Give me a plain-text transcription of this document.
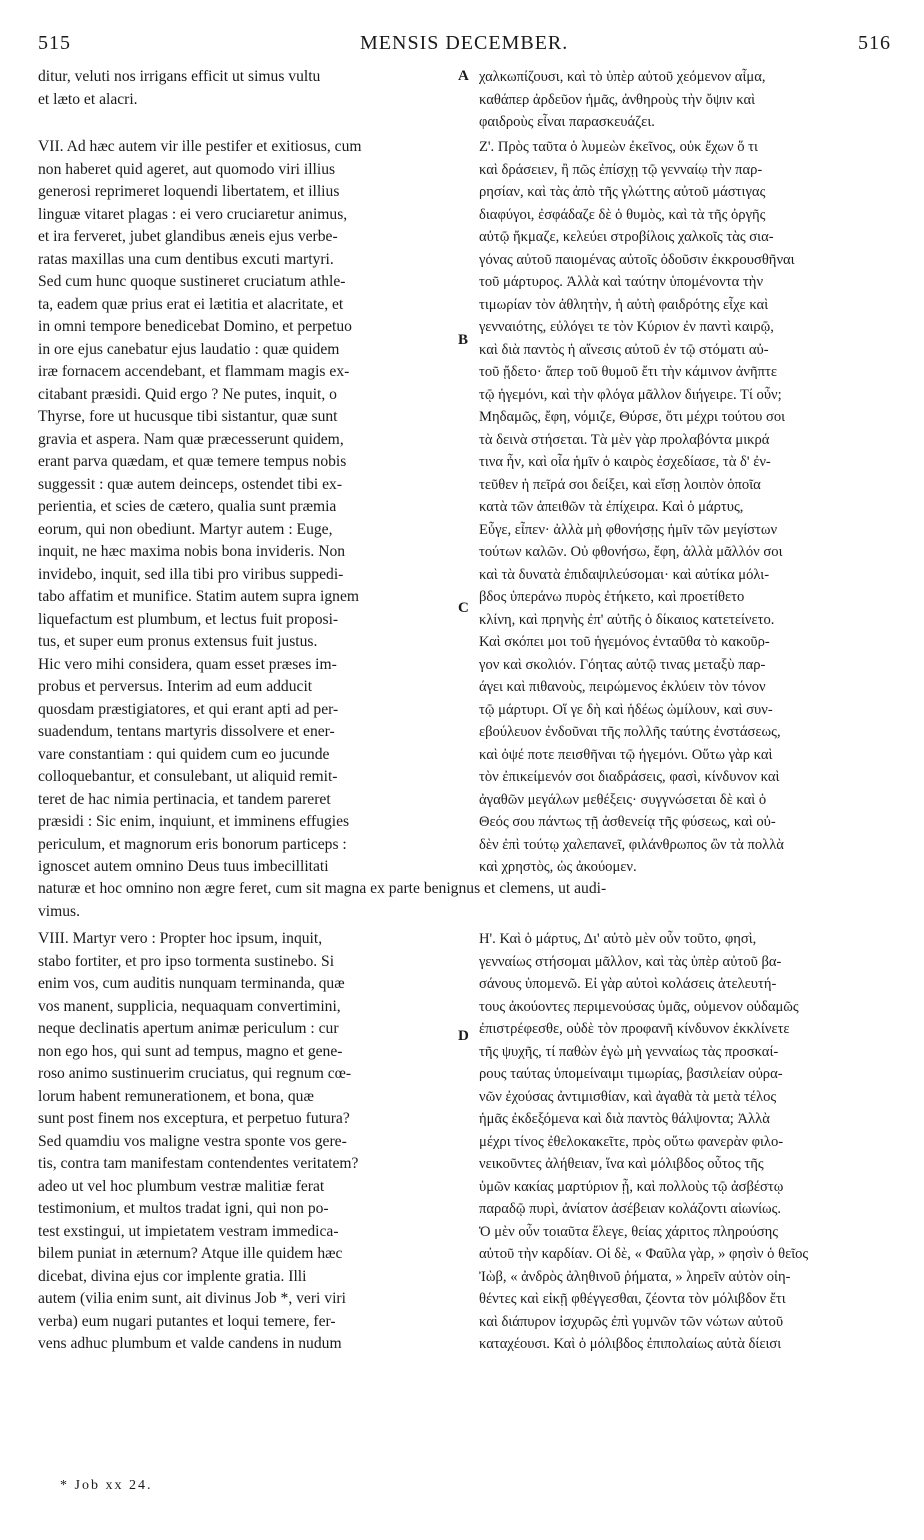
515	MENSIS DECEMBER.	516
ditur, veluti nos irrigans efficit ut simus vultu
et læto et alacri.
VII. Ad hæc autem vir ille pestifer et exitiosus, cum
non haberet quid ageret, aut quomodo viri illius
generosi reprimeret loquendi libertatem, et illius
linguæ vitaret plagas : ei vero cruciaretur animus,
et ira ferveret, jubet glandibus æneis ejus verbe-
ratas maxillas una cum dentibus excuti martyri.
Sed cum hunc quoque sustineret cruciatum athle-
ta, eadem quæ prius erat ei lætitia et alacritate, et
in omni tempore benedicebat Domino, et perpetuo
in ore ejus canebatur ejus laudatio : quæ quidem
iræ fornacem accendebant, et flammam magis ex-
citabant præsidi. Quid ergo ? Ne putes, inquit, o
Thyrse, fore ut hucusque tibi sistantur, quæ sunt
gravia et aspera. Nam quæ præcesserunt quidem,
erant parva quædam, et quæ temere tempus nobis
suggessit : quæ autem deinceps, ostendet tibi ex-
perientia, et scies de cætero, qualia sunt præmia
eorum, qui non obediunt. Martyr autem : Euge,
inquit, ne hæc maxima nobis bona invideris. Non
invidebo, inquit, sed illa tibi pro viribus suppedi-
tabo affatim et munifice. Statim autem supra ignem
liquefactum est plumbum, et lectus fuit proposi-
tus, et super eum pronus extensus fuit justus.
Hic vero mihi considera, quam esset præses im-
probus et perversus. Interim ad eum adducit
quosdam præstigiatores, et qui erant apti ad per-
suadendum, tentans martyris dissolvere et ener-
vare constantiam : qui quidem cum eo jucunde
colloquebantur, et consulebant, ut aliquid remit-
teret de hac nimia pertinacia, et tandem pareret
præsidi : Sic enim, inquiunt, et imminens effugies
periculum, et magnorum eris bonorum particeps :
ignoscet autem omnino Deus tuus imbecillitati
naturæ et hoc omnino non ægre feret, cum sit magna ex parte benignus et clemens, ut audi-
vimus.
VIII. Martyr vero : Propter hoc ipsum, inquit,
stabo fortiter, et pro ipso tormenta sustinebo. Si
enim vos, cum auditis nunquam terminanda, quæ
vos manent, supplicia, nequaquam convertimini,
neque declinatis apertum animæ periculum : cur
non ego hos, qui sunt ad tempus, magno et gene-
roso animo sustinuerim cruciatus, qui regnum cœ-
lorum habent remunerationem, et bona, quæ
sunt post finem nos exceptura, et perpetuo futura?
Sed quamdiu vos maligne vestra sponte vos gere-
tis, contra tam manifestam contendentes veritatem?
adeo ut vel hoc plumbum vestræ malitiæ ferat
testimonium, et multos tradat igni, qui non po-
test exstingui, ut impietatem vestram immedica-
bilem puniat in æternum? Atque ille quidem hæc
dicebat, divina ejus cor implente gratia. Illi
autem (vilia enim sunt, ait divinus Job *, veri viri
verba) eum nugari putantes et loqui temere, fer-
vens adhuc plumbum et valde candens in nudum
A
B
C
D
χαλκωπίζουσι, καὶ τὸ ὑπὲρ αὐτοῦ χεόμενον αἷμα,
καθάπερ ἀρδεῦον ἡμᾶς, ἀνθηροὺς τὴν ὄψιν καὶ
φαιδροὺς εἶναι παρασκευάζει.
Ζ'. Πρὸς ταῦτα ὁ λυμεὼν ἐκεῖνος, οὐκ ἔχων ὅ τι
καὶ δράσειεν, ἢ πῶς ἐπίσχῃ τῷ γενναίῳ τὴν παρ-
ρησίαν, καὶ τὰς ἀπὸ τῆς γλώττης αὐτοῦ μάστιγας
διαφύγοι, ἐσφάδαζε δὲ ὁ θυμὸς, καὶ τὰ τῆς ὀργῆς
αὐτῷ ἤκμαζε, κελεύει στροβίλοις χαλκοῖς τὰς σια-
γόνας αὐτοῦ παιομένας αὐτοῖς ὀδοῦσιν ἐκκρουσθῆναι
τοῦ μάρτυρος. Ἀλλὰ καὶ ταύτην ὑπομένοντα τὴν
τιμωρίαν τὸν ἀθλητὴν, ἡ αὐτὴ φαιδρότης εἶχε καὶ
γενναιότης, εὐλόγει τε τὸν Κύριον ἐν παντὶ καιρῷ,
καὶ διὰ παντὸς ἡ αἴνεσις αὐτοῦ ἐν τῷ στόματι αὐ-
τοῦ ᾔδετο· ἅπερ τοῦ θυμοῦ ἔτι τὴν κάμινον ἀνῆπτε
τῷ ἡγεμόνι, καὶ τὴν φλόγα μᾶλλον διήγειρε. Τί οὖν;
Μηδαμῶς, ἔφη, νόμιζε, Θύρσε, ὅτι μέχρι τούτου σοι
τὰ δεινὰ στήσεται. Τὰ μὲν γὰρ προλαβόντα μικρά
τινα ἦν, καὶ οἷα ἡμῖν ὁ καιρὸς ἐσχεδίασε, τὰ δ' ἐν-
τεῦθεν ἡ πεῖρά σοι δείξει, καὶ εἴσῃ λοιπὸν ὁποῖα
κατὰ τῶν ἀπειθῶν τὰ ἐπίχειρα. Καὶ ὁ μάρτυς,
Εὖγε, εἶπεν· ἀλλὰ μὴ φθονήσῃς ἡμῖν τῶν μεγίστων
τούτων καλῶν. Οὐ φθονήσω, ἔφη, ἀλλὰ μᾶλλόν σοι
καὶ τὰ δυνατὰ ἐπιδαψιλεύσομαι· καὶ αὐτίκα μόλι-
βδος ὑπεράνω πυρὸς ἐτήκετο, καὶ προετίθετο
κλίνη, καὶ πρηνὴς ἐπ' αὐτῆς ὁ δίκαιος κατετείνετο.
Καὶ σκόπει μοι τοῦ ἡγεμόνος ἐνταῦθα τὸ κακοῦρ-
γον καὶ σκολιόν. Γόητας αὐτῷ τινας μεταξὺ παρ-
άγει καὶ πιθανοὺς, πειρώμενος ἐκλύειν τὸν τόνον
τῷ μάρτυρι. Οἵ γε δὴ καὶ ἡδέως ὡμίλουν, καὶ συν-
εβούλευον ἐνδοῦναι τῆς πολλῆς ταύτης ἐνστάσεως,
καὶ ὀψέ ποτε πεισθῆναι τῷ ἡγεμόνι. Οὕτω γὰρ καὶ
τὸν ἐπικείμενόν σοι διαδράσεις, φασὶ, κίνδυνον καὶ
ἀγαθῶν μεγάλων μεθέξεις· συγγνώσεται δὲ καὶ ὁ
Θεός σου πάντως τῇ ἀσθενείᾳ τῆς φύσεως, καὶ οὐ-
δὲν ἐπὶ τούτῳ χαλεπανεῖ, φιλάνθρωπος ὢν τὰ πολλὰ
καὶ χρηστὸς, ὡς ἀκούομεν.
Η'. Καὶ ὁ μάρτυς, Δι' αὐτὸ μὲν οὖν τοῦτο, φησὶ,
γενναίως στήσομαι μᾶλλον, καὶ τὰς ὑπὲρ αὐτοῦ βα-
σάνους ὑπομενῶ. Εἰ γὰρ αὐτοὶ κολάσεις ἀτελευτή-
τους ἀκούοντες περιμενούσας ὑμᾶς, οὐμενον οὐδαμῶς
ἐπιστρέφεσθε, οὐδὲ τὸν προφανῆ κίνδυνον ἐκκλίνετε
τῆς ψυχῆς, τί παθὼν ἐγὼ μὴ γενναίως τὰς προσκαί-
ρους ταύτας ὑπομείναιμι τιμωρίας, βασιλείαν οὐρα-
νῶν ἐχούσας ἀντιμισθίαν, καὶ ἀγαθὰ τὰ μετὰ τέλος
ἡμᾶς ἐκδεξόμενα καὶ διὰ παντὸς θάλψοντα; Ἀλλὰ
μέχρι τίνος ἐθελοκακεῖτε, πρὸς οὕτω φανερὰν φιλο-
νεικοῦντες ἀλήθειαν, ἵνα καὶ μόλιβδος οὗτος τῆς
ὑμῶν κακίας μαρτύριον ᾖ, καὶ πολλοὺς τῷ ἀσβέστῳ
παραδῷ πυρὶ, ἀνίατον ἀσέβειαν κολάζοντι αἰωνίως.
Ὁ μὲν οὖν τοιαῦτα ἔλεγε, θείας χάριτος πληρούσης
αὐτοῦ τὴν καρδίαν. Οἱ δὲ, « Φαῦλα γὰρ, » φησὶν ὁ θεῖος
Ἰὼβ, « ἀνδρὸς ἀληθινοῦ ῥήματα, » ληρεῖν αὐτὸν οἰη-
θέντες καὶ εἰκῇ φθέγγεσθαι, ζέοντα τὸν μόλιβδον ἔτι
καὶ διάπυρον ἰσχυρῶς ἐπὶ γυμνῶν τῶν νώτων αὐτοῦ
καταχέουσι. Καὶ ὁ μόλιβδος ἐπιπολαίως αὐτὰ δίεισι
* Job xx 24.
